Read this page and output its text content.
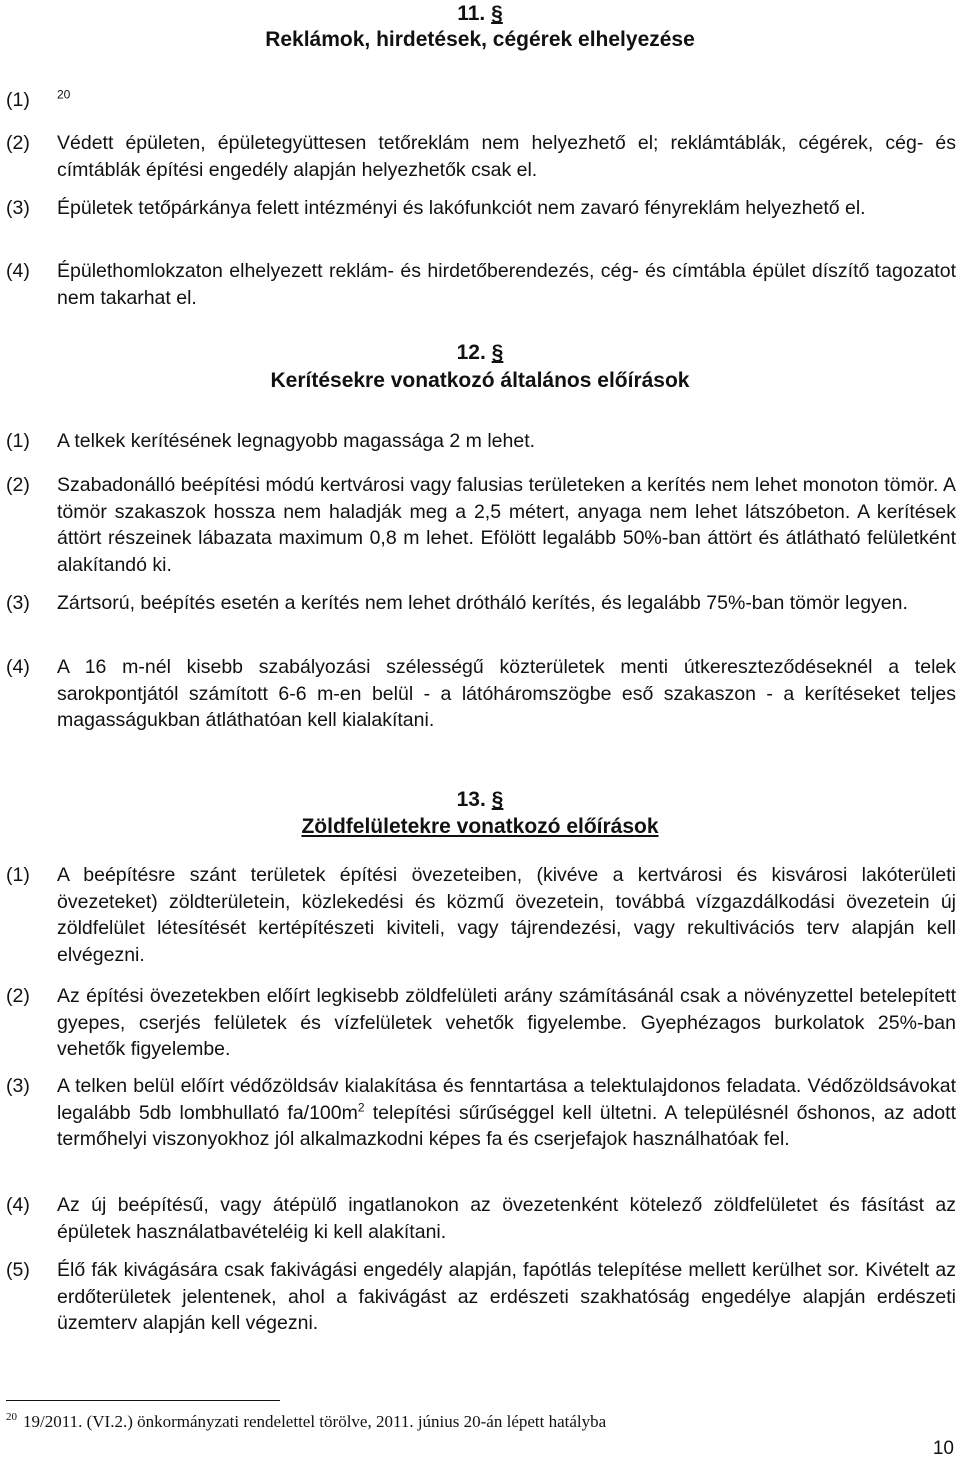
11. §
Reklámok, hirdetések, cégérek elhelyezése
(1)	$^{20}$
(2)	Védett épületen, épületegyüttesen tetőreklám nem helyezhető el; reklámtáblák, cégérek, cég- és címtáblák építési engedély alapján helyezhetők csak el.
(3)	Épületek tetőpárkánya felett intézményi és lakófunkciót nem zavaró fényreklám helyezhető el.
(4)	Épülethomlokzaton elhelyezett reklám- és hirdetőberendezés, cég- és címtábla épület díszítő tagozatot nem takarhat el.
12. §
Kerítésekre vonatkozó általános előírások
(1)	A telkek kerítésének legnagyobb magassága 2 m lehet.
(2)	Szabadonálló beépítési módú kertvárosi vagy falusias területeken a kerítés nem lehet monoton tömör. A tömör szakaszok hossza nem haladják meg a 2,5 métert, anyaga nem lehet látszóbeton. A kerítések áttört részeinek lábazata maximum 0,8 m lehet. Efölött legalább 50%-ban áttört és átlátható felületként alakítandó ki.
(3)	Zártsorú, beépítés esetén a kerítés nem lehet drótháló kerítés, és legalább 75%-ban tömör legyen.
(4)	A 16 m-nél kisebb szabályozási szélességű közterületek menti útkereszteződéseknél a telek sarokpontjától számított 6-6 m-en belül - a látóháromszögbe eső szakaszon - a kerítéseket teljes magasságukban átláthatóan kell kialakítani.
13. §
Zöldfelületekre vonatkozó előírások
(1)	A beépítésre szánt területek építési övezeteiben, (kivéve a kertvárosi és kisvárosi lakóterületi övezeteket) zöldterületein, közlekedési és közmű övezetein, továbbá vízgazdálkodási övezetein új zöldfelület létesítését kertépítészeti kiviteli, vagy tájrendezési, vagy rekultivációs terv alapján kell elvégezni.
(2)	Az építési övezetekben előírt legkisebb zöldfelületi arány számításánál csak a növényzettel betelepített gyepes, cserjés felületek és vízfelületek vehetők figyelembe. Gyephézagos burkolatok 25%-ban vehetők figyelembe.
(3)	A telken belül előírt védőzöldsáv kialakítása és fenntartása a telektulajdonos feladata. Védőzöldsávokat legalább 5db lombhullató $fa/100m^2$ telepítési sűrűséggel kell ültetni. A településnél őshonos, az adott termőhelyi viszonyokhoz jól alkalmazkodni képes fa és cserjefajok használhatóak fel.
(4)	Az új beépítésű, vagy átépülő ingatlanokon az övezetenként kötelező zöldfelületet és fásítást az épületek használatbavételéig ki kell alakítani.
(5)	Élő fák kivágására csak fakivágási engedély alapján, fapótlás telepítése mellett kerülhet sor. Kivételt az erdőterületek jelentenek, ahol a fakivágást az erdészeti szakhatóság engedélye alapján erdészeti üzemterv alapján kell végezni.
$^{20}$ 19/2011. (VI.2.) önkormányzati rendelettel törölve, 2011. június 20-án lépett hatályba
10
